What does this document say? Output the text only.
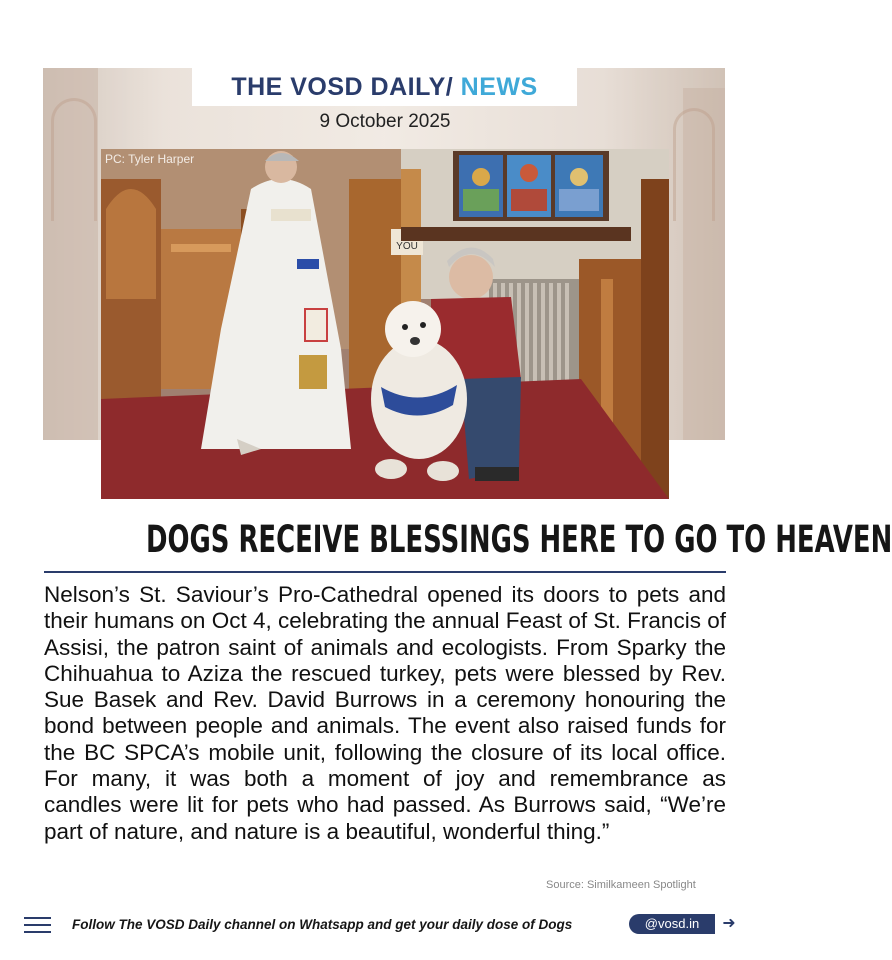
THE VOSD DAILY/ NEWS
9 October 2025
YOU
PC: Tyler Harper
DOGS RECEIVE BLESSINGS HERE TO GO TO HEAVEN
Nelson’s St. Saviour’s Pro-Cathedral opened its doors to pets and their humans on Oct 4, celebrating the annual Feast of St. Francis of Assisi, the patron saint of animals and ecologists. From Sparky the Chihuahua to Aziza the rescued turkey, pets were blessed by Rev. Sue Basek and Rev. David Burrows in a ceremony honouring the bond between people and animals. The event also raised funds for the BC SPCA’s mobile unit, following the closure of its local office. For many, it was both a moment of joy and remembrance as candles were lit for pets who had passed. As Burrows said, “We’re part of nature, and nature is a beautiful, wonderful thing.”
Source: Similkameen Spotlight
Follow The VOSD Daily channel on Whatsapp and get your daily dose of Dogs	@vosd.in	➜
